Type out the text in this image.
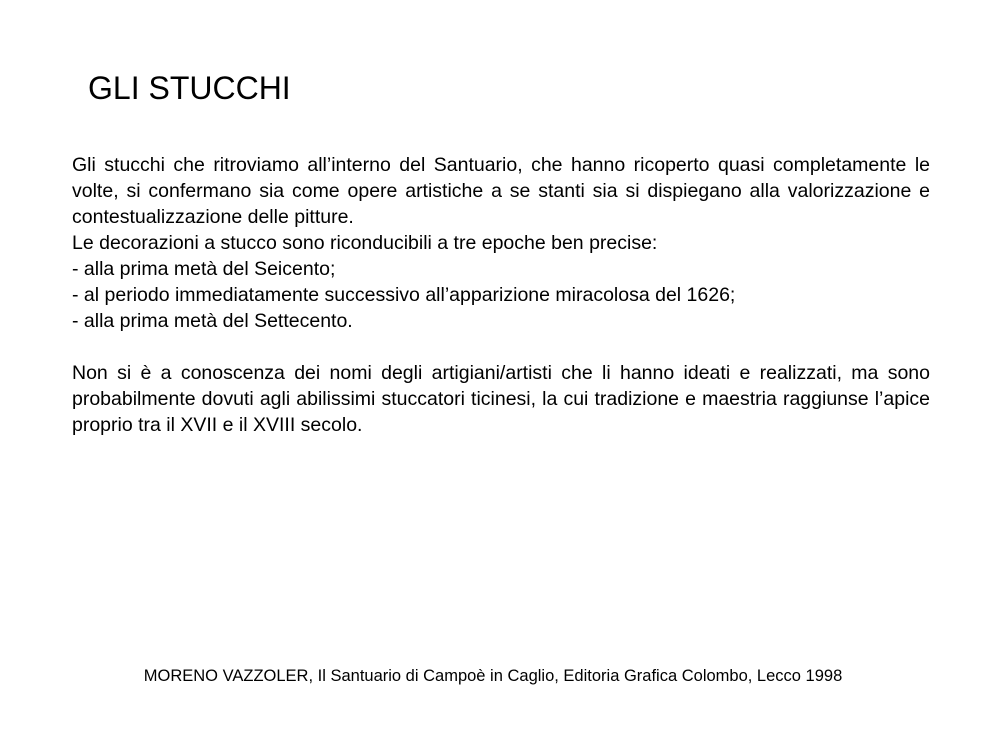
GLI STUCCHI

Gli stucchi che ritroviamo all’interno del Santuario, che hanno ricoperto quasi completamente le volte, si confermano sia come opere artistiche a se stanti sia si dispiegano alla valorizzazione e contestualizzazione delle pitture.

Le decorazioni a stucco sono riconducibili a tre epoche ben precise:
- alla prima metà del Seicento;
- al periodo immediatamente successivo all’apparizione miracolosa del 1626;
- alla prima metà del Settecento.

Non si è a conoscenza dei nomi degli artigiani/artisti che li hanno ideati e realizzati, ma sono probabilmente dovuti agli abilissimi stuccatori ticinesi, la cui tradizione e maestria raggiunse l’apice proprio tra il XVII e il XVIII secolo.

MORENO VAZZOLER, Il Santuario di Campoè in Caglio, Editoria Grafica Colombo, Lecco 1998
